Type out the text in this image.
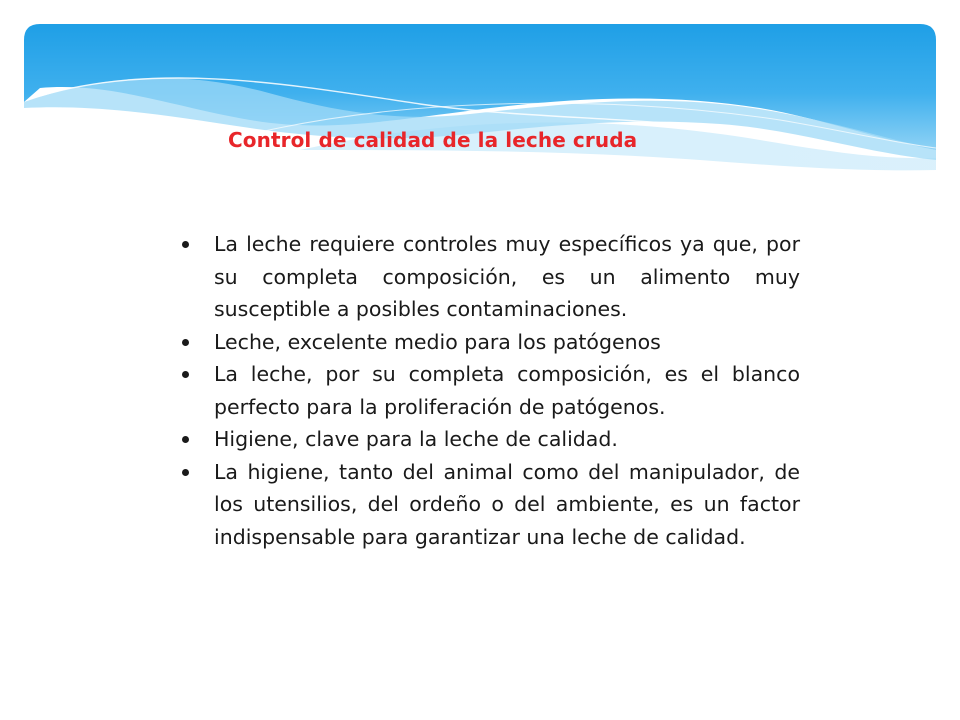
Control de calidad de la leche cruda
La leche requiere controles muy específicos ya que, por su completa composición, es un alimento muy susceptible a posibles contaminaciones.
Leche, excelente medio para los patógenos
La leche, por su completa composición, es el blanco perfecto para la proliferación de patógenos.
Higiene, clave para la leche de calidad.
La higiene, tanto del animal como del manipulador, de los utensilios, del ordeño o del ambiente, es un factor indispensable para garantizar una leche de calidad.
